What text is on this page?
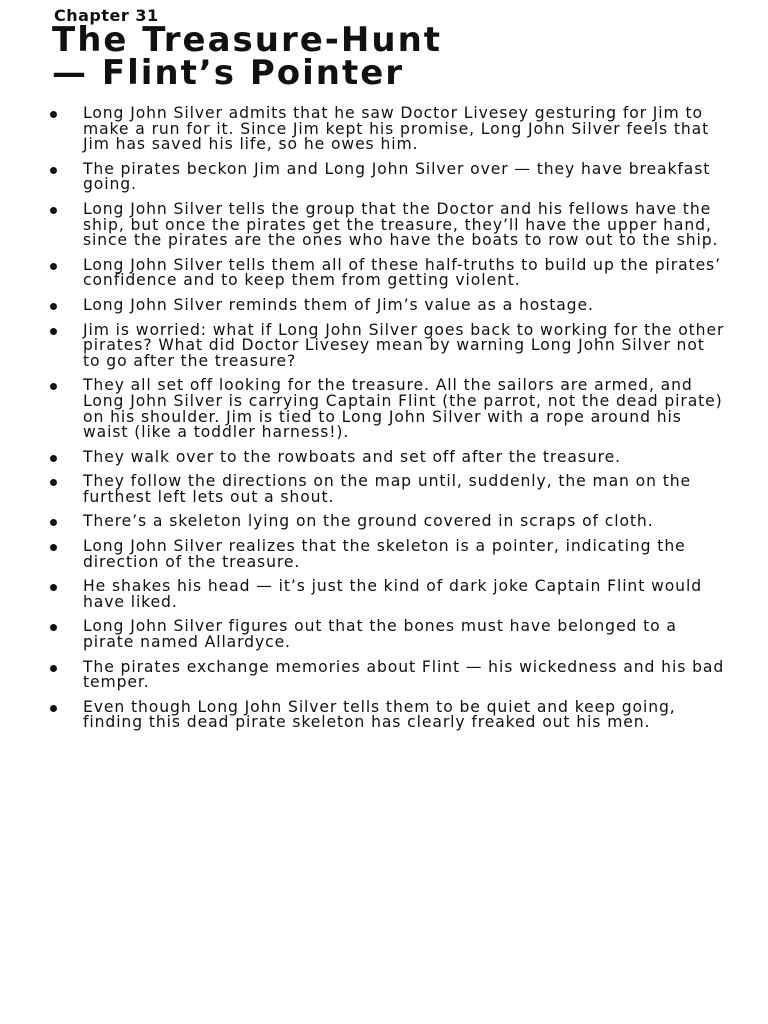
Chapter 31
The Treasure-Hunt
— Flint’s Pointer
Long John Silver admits that he saw Doctor Livesey gesturing for Jim to make a run for it. Since Jim kept his promise, Long John Silver feels that Jim has saved his life, so he owes him.
The pirates beckon Jim and Long John Silver over — they have breakfast going.
Long John Silver tells the group that the Doctor and his fellows have the ship, but once the pirates get the treasure, they’ll have the upper hand, since the pirates are the ones who have the boats to row out to the ship.
Long John Silver tells them all of these half-truths to build up the pirates’ confidence and to keep them from getting violent.
Long John Silver reminds them of Jim’s value as a hostage.
Jim is worried: what if Long John Silver goes back to working for the other pirates? What did Doctor Livesey mean by warning Long John Silver not to go after the treasure?
They all set off looking for the treasure. All the sailors are armed, and Long John Silver is carrying Captain Flint (the parrot, not the dead pirate) on his shoulder. Jim is tied to Long John Silver with a rope around his waist (like a toddler harness!).
They walk over to the rowboats and set off after the treasure.
They follow the directions on the map until, suddenly, the man on the furthest left lets out a shout.
There’s a skeleton lying on the ground covered in scraps of cloth.
Long John Silver realizes that the skeleton is a pointer, indicating the direction of the treasure.
He shakes his head — it’s just the kind of dark joke Captain Flint would have liked.
Long John Silver figures out that the bones must have belonged to a pirate named Allardyce.
The pirates exchange memories about Flint — his wickedness and his bad temper.
Even though Long John Silver tells them to be quiet and keep going, finding this dead pirate skeleton has clearly freaked out his men.
